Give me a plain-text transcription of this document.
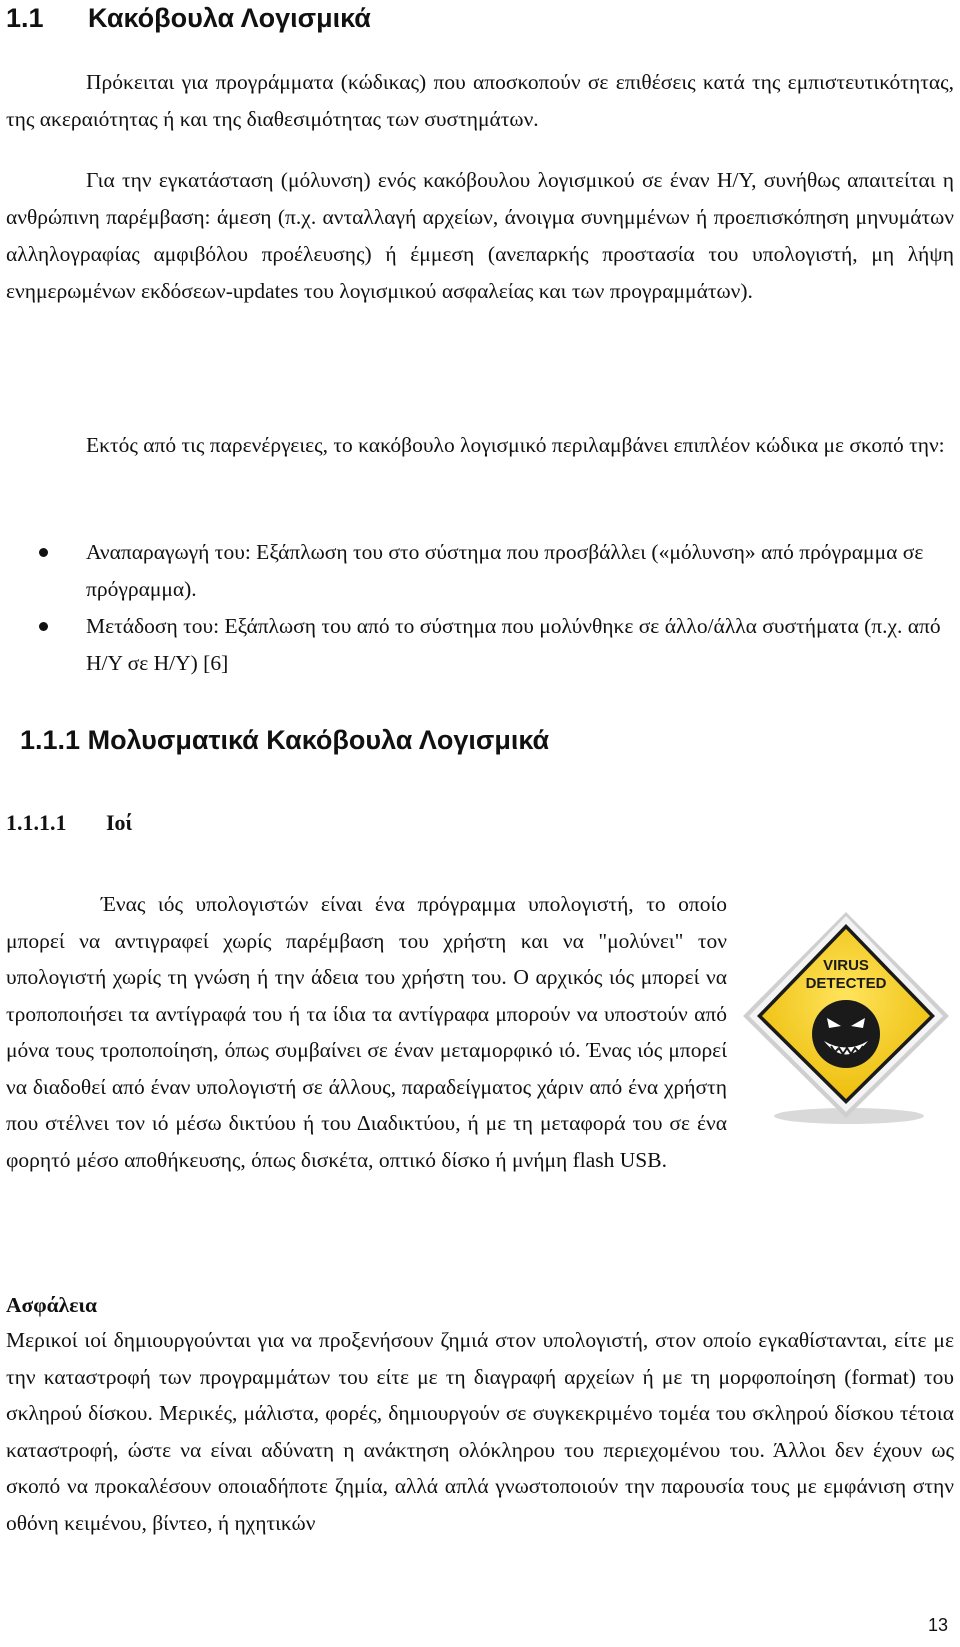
1.1 Κακόβουλα Λογισμικά

Πρόκειται για προγράμματα (κώδικας) που αποσκοπούν σε επιθέσεις κατά της εμπιστευτικότητας, της ακεραιότητας ή και της διαθεσιμότητας των συστημάτων.

Για την εγκατάσταση (μόλυνση) ενός κακόβουλου λογισμικού σε έναν Η/Υ, συνήθως απαιτείται η ανθρώπινη παρέμβαση: άμεση (π.χ. ανταλλαγή αρχείων, άνοιγμα συνημμένων ή προεπισκόπηση μηνυμάτων αλληλογραφίας αμφιβόλου προέλευσης) ή έμμεση (ανεπαρκής προστασία του υπολογιστή, μη λήψη ενημερωμένων εκδόσεων-updates του λογισμικού ασφαλείας και των προγραμμάτων).

Εκτός από τις παρενέργειες, το κακόβουλο λογισμικό περιλαμβάνει επιπλέον κώδικα με σκοπό την:

Αναπαραγωγή του: Εξάπλωση του στο σύστημα που προσβάλλει («μόλυνση» από πρόγραμμα σε πρόγραμμα).
Μετάδοση του: Εξάπλωση του από το σύστημα που μολύνθηκε σε άλλο/άλλα συστήματα (π.χ. από Η/Υ σε Η/Υ) [6]
1.1.1 Μολυσματικά Κακόβουλα Λογισμικά
1.1.1.1 Ιοί

VIRUS
DETECTED
Ένας ιός υπολογιστών είναι ένα πρόγραμμα υπολογιστή, το οποίο μπορεί να αντιγραφεί χωρίς παρέμβαση του χρήστη και να "μολύνει" τον υπολογιστή χωρίς τη γνώση ή την άδεια του χρήστη του. Ο αρχικός ιός μπορεί να τροποποιήσει τα αντίγραφά του ή τα ίδια τα αντίγραφα μπορούν να υποστούν από μόνα τους τροποποίηση, όπως συμβαίνει σε έναν μεταμορφικό ιό. Ένας ιός μπορεί να διαδοθεί από έναν υπολογιστή σε άλλους, παραδείγματος χάριν από ένα χρήστη που στέλνει τον ιό μέσω δικτύου ή του Διαδικτύου, ή με τη μεταφορά του σε ένα φορητό μέσο αποθήκευσης, όπως δισκέτα, οπτικό δίσκο ή μνήμη flash USB.

Ασφάλεια

Μερικοί ιοί δημιουργούνται για να προξενήσουν ζημιά στον υπολογιστή, στον οποίο εγκαθίστανται, είτε με την καταστροφή των προγραμμάτων του είτε με τη διαγραφή αρχείων ή με τη μορφοποίηση (format) του σκληρού δίσκου. Μερικές, μάλιστα, φορές, δημιουργούν σε συγκεκριμένο τομέα του σκληρού δίσκου τέτοια καταστροφή, ώστε να είναι αδύνατη η ανάκτηση ολόκληρου του περιεχομένου του. Άλλοι δεν έχουν ως σκοπό να προκαλέσουν οποιαδήποτε ζημία, αλλά απλά γνωστοποιούν την παρουσία τους με εμφάνιση στην οθόνη κειμένου, βίντεο, ή ηχητικών

13
